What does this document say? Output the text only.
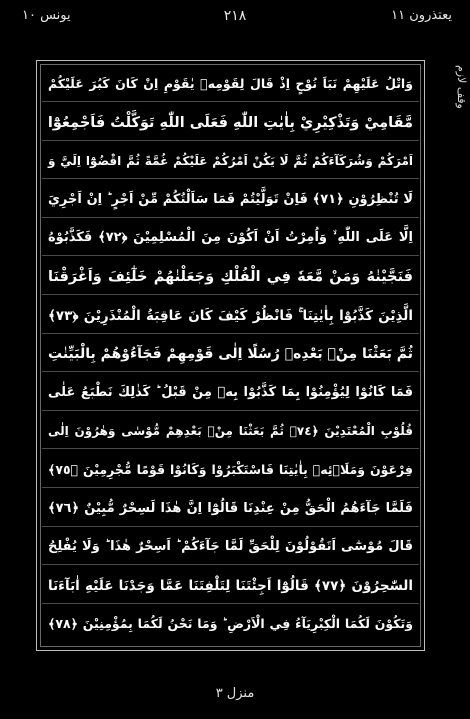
يعتذرون ١١
٢١٨
يونس ١٠
وقف لازم
وَاتْلُ عَلَيْهِمْ نَبَاَ نُوْحٍ اِذْ قَالَ لِقَوْمِهٖ يٰقَوْمِ اِنْ كَانَ كَبُرَ عَلَيْكُمْ
مَّقَامِيْ وَتَذْكِيْرِيْ بِاٰيٰتِ اللّٰهِ فَعَلَى اللّٰهِ تَوَكَّلْتُ فَاَجْمِعُوْٓا
اَمْرَكُمْ وَشُرَكَآءَكُمْ ثُمَّ لَا يَكُنْ اَمْرُكُمْ عَلَيْكُمْ غُمَّةً ثُمَّ اقْضُوْٓا اِلَيَّ وَ
لَا تُنْظِرُوْنِ ﴿٧١﴾ فَاِنْ تَوَلَّيْتُمْ فَمَا سَاَلْتُكُمْ مِّنْ اَجْرٍ ؕ اِنْ اَجْرِيَ
اِلَّا عَلَى اللّٰهِ ۙ وَاُمِرْتُ اَنْ اَكُوْنَ مِنَ الْمُسْلِمِيْنَ ﴿٧٢﴾ فَكَذَّبُوْهُ
فَنَجَّيْنٰهُ وَمَنْ مَّعَهٗ فِي الْفُلْكِ وَجَعَلْنٰهُمْ خَلٰٓئِفَ وَاَغْرَقْنَا
الَّذِيْنَ كَذَّبُوْا بِاٰيٰتِنَا ۚ فَانْظُرْ كَيْفَ كَانَ عَاقِبَةُ الْمُنْذَرِيْنَ ﴿٧٣﴾
ثُمَّ بَعَثْنَا مِنْۢ بَعْدِهٖ رُسُلًا اِلٰى قَوْمِهِمْ فَجَآءُوْهُمْ بِالْبَيِّنٰتِ
فَمَا كَانُوْا لِيُؤْمِنُوْا بِمَا كَذَّبُوْا بِهٖ مِنْ قَبْلُ ؕ كَذٰلِكَ نَطْبَعُ عَلٰى
قُلُوْبِ الْمُعْتَدِيْنَ ﴿٧٤﴾ ثُمَّ بَعَثْنَا مِنْۢ بَعْدِهِمْ مُّوْسٰى وَهٰرُوْنَ اِلٰى
فِرْعَوْنَ وَمَلَا۠ئِهٖ بِاٰيٰتِنَا فَاسْتَكْبَرُوْا وَكَانُوْا قَوْمًا مُّجْرِمِيْنَ ﴿٧٥﴾
فَلَمَّا جَآءَهُمُ الْحَقُّ مِنْ عِنْدِنَا قَالُوْٓا اِنَّ هٰذَا لَسِحْرٌ مُّبِيْنٌ ﴿٧٦﴾
قَالَ مُوْسٰٓى اَتَقُوْلُوْنَ لِلْحَقِّ لَمَّا جَآءَكُمْ ؕ اَسِحْرٌ هٰذَا ؕ وَلَا يُفْلِحُ
السّٰحِرُوْنَ ﴿٧٧﴾ قَالُوْٓا اَجِئْتَنَا لِتَلْفِتَنَا عَمَّا وَجَدْنَا عَلَيْهِ اٰبَآءَنَا
وَتَكُوْنَ لَكُمَا الْكِبْرِيَآءُ فِي الْاَرْضِ ؕ وَمَا نَحْنُ لَكُمَا بِمُؤْمِنِيْنَ ﴿٧٨﴾
منزل ٣
